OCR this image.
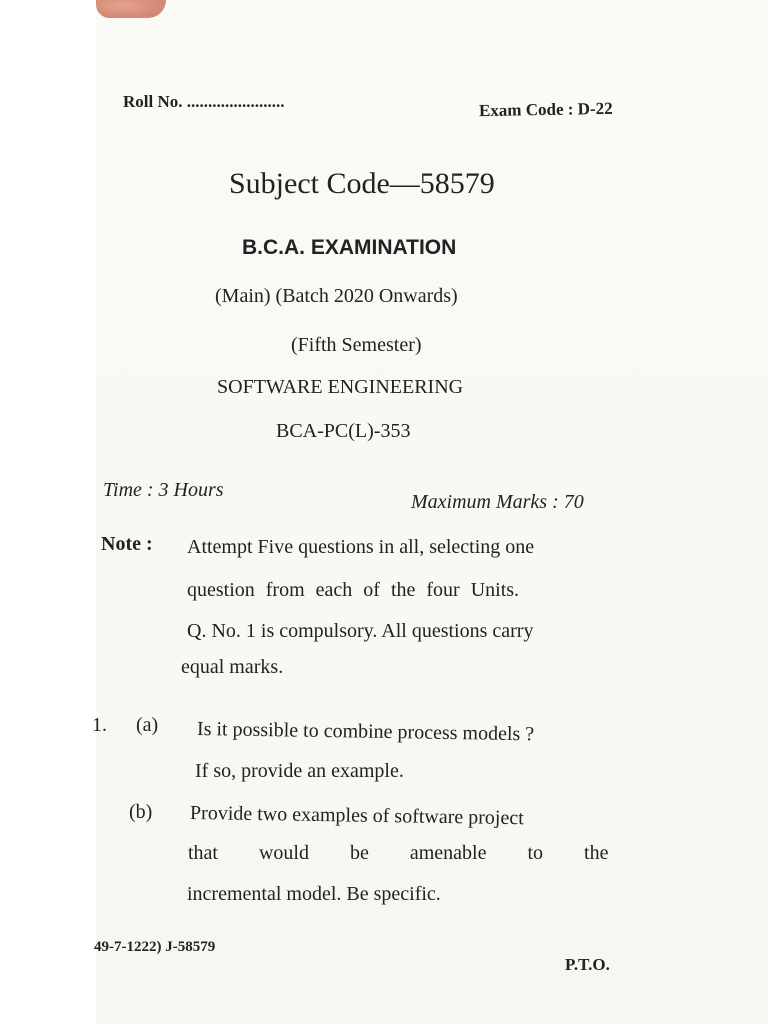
Roll No. .......................	Exam Code : D-22

Subject Code—58579

B.C.A. EXAMINATION

(Main) (Batch 2020 Onwards)

(Fifth Semester)

SOFTWARE ENGINEERING

BCA-PC(L)-353

Time : 3 Hours

Maximum Marks : 70

Note : Attempt Five questions in all, selecting one

question from each of the four Units.

Q. No. 1 is compulsory. All questions carry

equal marks.

1. (a) Is it possible to combine process models ?

If so, provide an example.

(b) Provide two examples of software project

that would be amenable to the

incremental model. Be specific.

49-7-1222) J-58579

P.T.O.
